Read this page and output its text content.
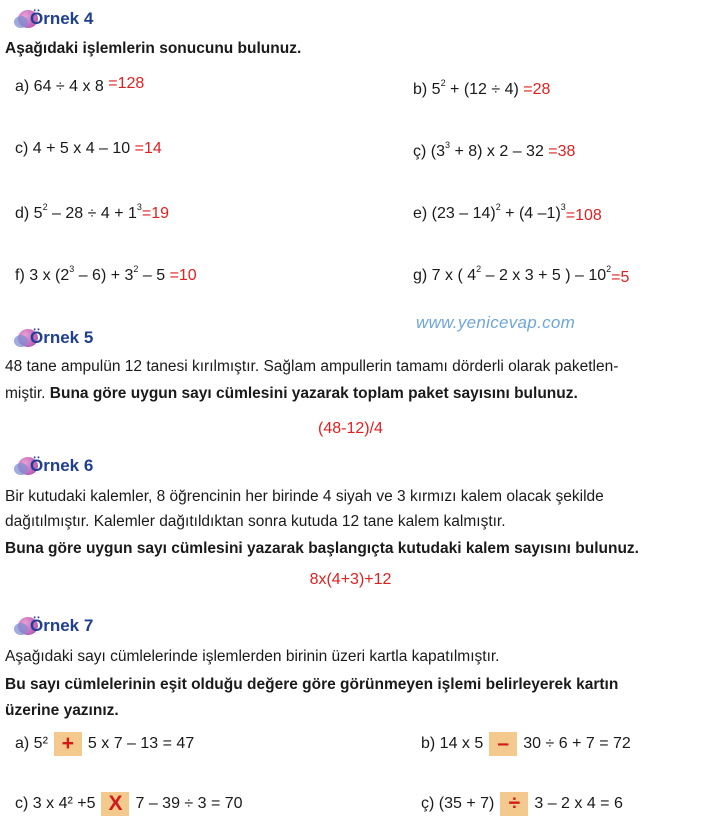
Örnek 4
Aşağıdaki işlemlerin sonucunu bulunuz.
a) 64 ÷ 4 x 8 =128	b) $5^2 + (12 \div 4) =28$
c) 4 + 5 x 4 – 10 =14	ç) $(3^3 + 8)$ x 2 – 32 =38
d) $5^2 - 28 \div 4 + 1^3=19$	e) (23 – 14)$^2$ + (4 –1)$^3$=108
f) 3 x $(2^3 - 6) + 3^2 - 5 =10$	g) 7 x ( $4^2 - 2$ x 3 + 5 ) – $10^2=5$
www.yenicevap.com
Örnek 5
48 tane ampulün 12 tanesi kırılmıştır. Sağlam ampullerin tamamı dörderli olarak paketlen-
miştir. Buna göre uygun sayı cümlesini yazarak toplam paket sayısını bulunuz.
(48-12)/4
Örnek 6
Bir kutudaki kalemler, 8 öğrencinin her birinde 4 siyah ve 3 kırmızı kalem olacak şekilde
dağıtılmıştır. Kalemler dağıtıldıktan sonra kutuda 12 tane kalem kalmıştır.
Buna göre uygun sayı cümlesini yazarak başlangıçta kutudaki kalem sayısını bulunuz.
8x(4+3)+12
Örnek 7
Aşağıdaki sayı cümlelerinde işlemlerden birinin üzeri kartla kapatılmıştır.
Bu sayı cümlelerinin eşit olduğu değere göre görünmeyen işlemi belirleyerek kartın
üzerine yazınız.
a) 5² + 5 x 7 – 13 = 47	b) 14 x 5 – 30 ÷ 6 + 7 = 72
c) 3 x 4² +5 X 7 – 39 ÷ 3 = 70	ç) (35 + 7) ÷ 3 – 2 x 4 = 6
